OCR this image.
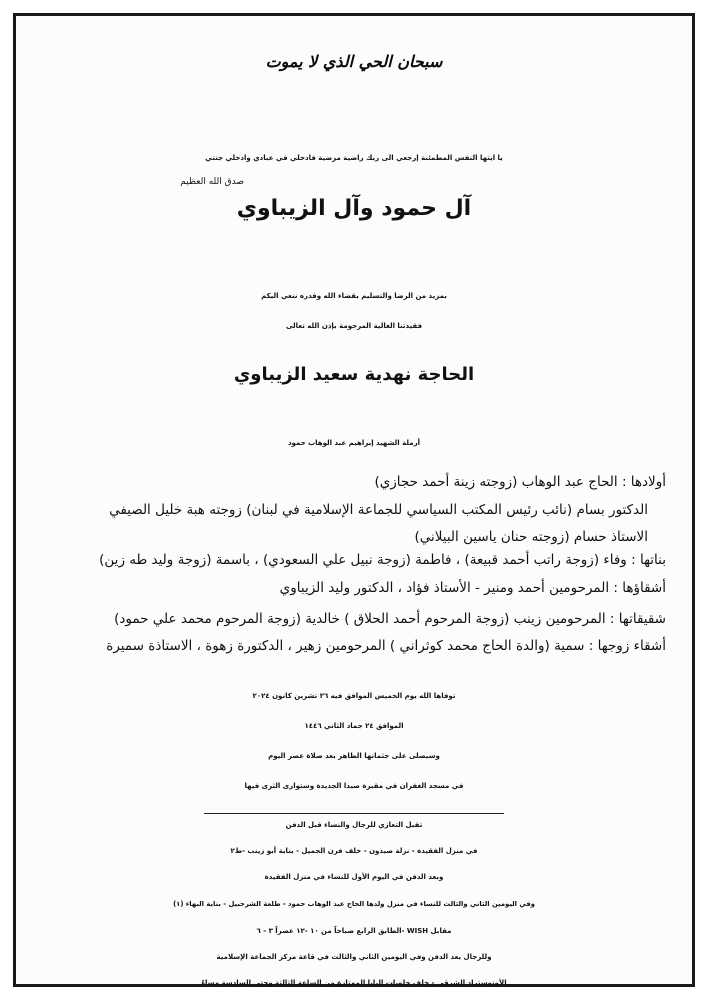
سبحان الحي الذي لا يموت
يا ايتها النفس المطمئنة إرجعي الى ربك راضية مرضية فادخلي في عبادي وادخلي جنتي
صدق الله العظيم
آل حمود وآل الزيباوي
بمزيد من الرضا والتسليم بقضاء الله وقدره ننعي اليكم
فقيدتنا الغالية المرحومة بإذن الله تعالى
الحاجة نهدية سعيد الزيباوي
أرملة الشهيد إبراهيم عبد الوهاب حمود
أولادها : الحاج عبد الوهاب (زوجته زينة أحمد حجازي)
الدكتور بسام (نائب رئيس المكتب السياسي للجماعة الإسلامية في لبنان) زوجته هبة خليل الصيفي
الاستاذ حسام (زوجته حنان ياسين البيلاني)
بناتها : وفاء (زوجة راتب أحمد قبيعة) ، فاطمة (زوجة نبيل علي السعودي) ، باسمة (زوجة وليد طه زين)
أشقاؤها : المرحومين أحمد ومنير - الأستاذ فؤاد ، الدكتور وليد الزيباوي
شقيقاتها : المرحومين زينب (زوجة المرحوم أحمد الحلاق ) خالدية (زوجة المرحوم محمد علي حمود)
أشقاء زوجها : سمية (والدة الحاج محمد كوثراني ) المرحومين زهير ، الدكتورة زهوة ، الاستاذة سميرة
توفاها الله يوم الخميس الموافق فيه ٢٦ تشرين كانون ٢٠٢٤
الموافق ٢٤ جماد الثاني ١٤٤٦
وسيصلى على جثمانها الطاهر بعد صلاة عصر اليوم
في مسجد الغفران في مقبرة صيدا الجديدة وستوارى الثرى فيها
تقبل التعازي للرجال والنساء قبل الدفن
في منزل الفقيدة - نزلة صيدون - خلف فرن الجميل - بناية أبو زينب -ط٢
وبعد الدفن في اليوم الأول للنساء في منزل الفقيدة
وفي اليومين الثاني والثالث للنساء في منزل ولدها الحاج عبد الوهاب حمود - طلعة الشرحبيل - بناية البهاء (١)
مقابل WISH -الطابق الرابع صباحاً من ١٠ -١٢ عصراً ٣ - ٦
وللرجال بعد الدفن وفي اليومين الثاني والثالث في قاعة مركز الجماعة الإسلامية
الأوتوستراد الشرقي - خلف حلويات البابا الممتازة من الساعة الثالثة وحتى السادسة مساءً
